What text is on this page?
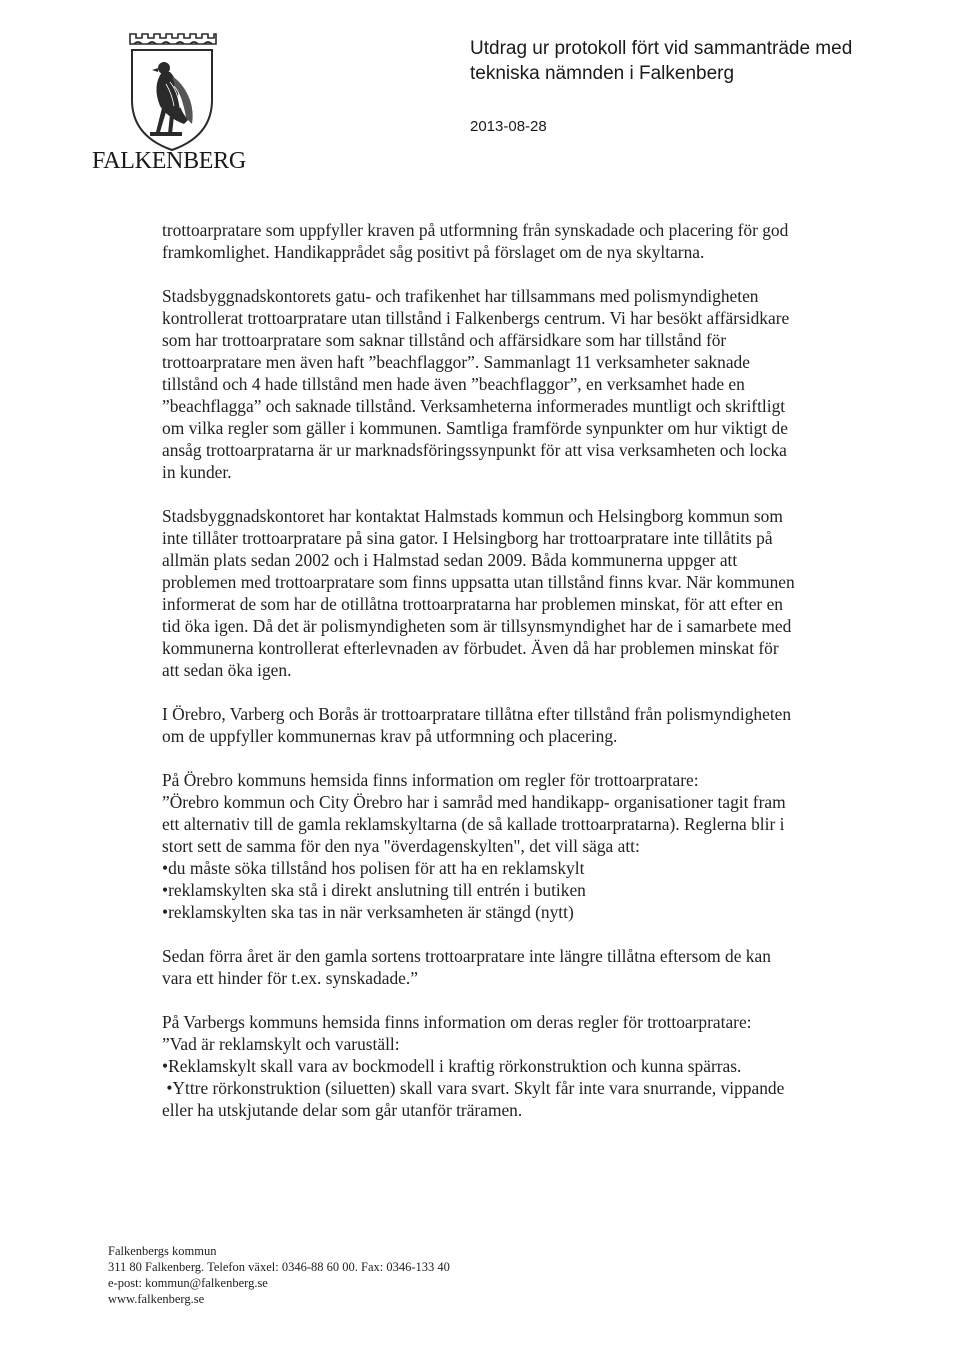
FALKENBERG
Utdrag ur protokoll fört vid sammanträde med
tekniska nämnden i Falkenberg
2013-08-28

trottoarpratare som uppfyller kraven på utformning från synskadade och placering för god
framkomlighet. Handikapprådet såg positivt på förslaget om de nya skyltarna.

Stadsbyggnadskontorets gatu- och trafikenhet har tillsammans med polismyndigheten
kontrollerat trottoarpratare utan tillstånd i Falkenbergs centrum. Vi har besökt affärsidkare
som har trottoarpratare som saknar tillstånd och affärsidkare som har tillstånd för
trottoarpratare men även haft ”beachflaggor”. Sammanlagt 11 verksamheter saknade
tillstånd och 4 hade tillstånd men hade även ”beachflaggor”, en verksamhet hade en
”beachflagga” och saknade tillstånd. Verksamheterna informerades muntligt och skriftligt
om vilka regler som gäller i kommunen. Samtliga framförde synpunkter om hur viktigt de
ansåg trottoarpratarna är ur marknadsföringssynpunkt för att visa verksamheten och locka
in kunder.

Stadsbyggnadskontoret har kontaktat Halmstads kommun och Helsingborg kommun som
inte tillåter trottoarpratare på sina gator. I Helsingborg har trottoarpratare inte tillåtits på
allmän plats sedan 2002 och i Halmstad sedan 2009. Båda kommunerna uppger att
problemen med trottoarpratare som finns uppsatta utan tillstånd finns kvar. När kommunen
informerat de som har de otillåtna trottoarpratarna har problemen minskat, för att efter en
tid öka igen. Då det är polismyndigheten som är tillsynsmyndighet har de i samarbete med
kommunerna kontrollerat efterlevnaden av förbudet. Även då har problemen minskat för
att sedan öka igen.

I Örebro, Varberg och Borås är trottoarpratare tillåtna efter tillstånd från polismyndigheten
om de uppfyller kommunernas krav på utformning och placering.

På Örebro kommuns hemsida finns information om regler för trottoarpratare:
”Örebro kommun och City Örebro har i samråd med handikapp- organisationer tagit fram
ett alternativ till de gamla reklamskyltarna (de så kallade trottoarpratarna). Reglerna blir i
stort sett de samma för den nya "överdagenskylten", det vill säga att:
•du måste söka tillstånd hos polisen för att ha en reklamskylt
•reklamskylten ska stå i direkt anslutning till entrén i butiken
•reklamskylten ska tas in när verksamheten är stängd (nytt)

Sedan förra året är den gamla sortens trottoarpratare inte längre tillåtna eftersom de kan
vara ett hinder för t.ex. synskadade.”

På Varbergs kommuns hemsida finns information om deras regler för trottoarpratare:
”Vad är reklamskylt och varuställ:
•Reklamskylt skall vara av bockmodell i kraftig rörkonstruktion och kunna spärras.
•Yttre rörkonstruktion (siluetten) skall vara svart. Skylt får inte vara snurrande, vippande
eller ha utskjutande delar som går utanför träramen.

Falkenbergs kommun
311 80 Falkenberg. Telefon växel: 0346-88 60 00. Fax: 0346-133 40
e-post: kommun@falkenberg.se
www.falkenberg.se
